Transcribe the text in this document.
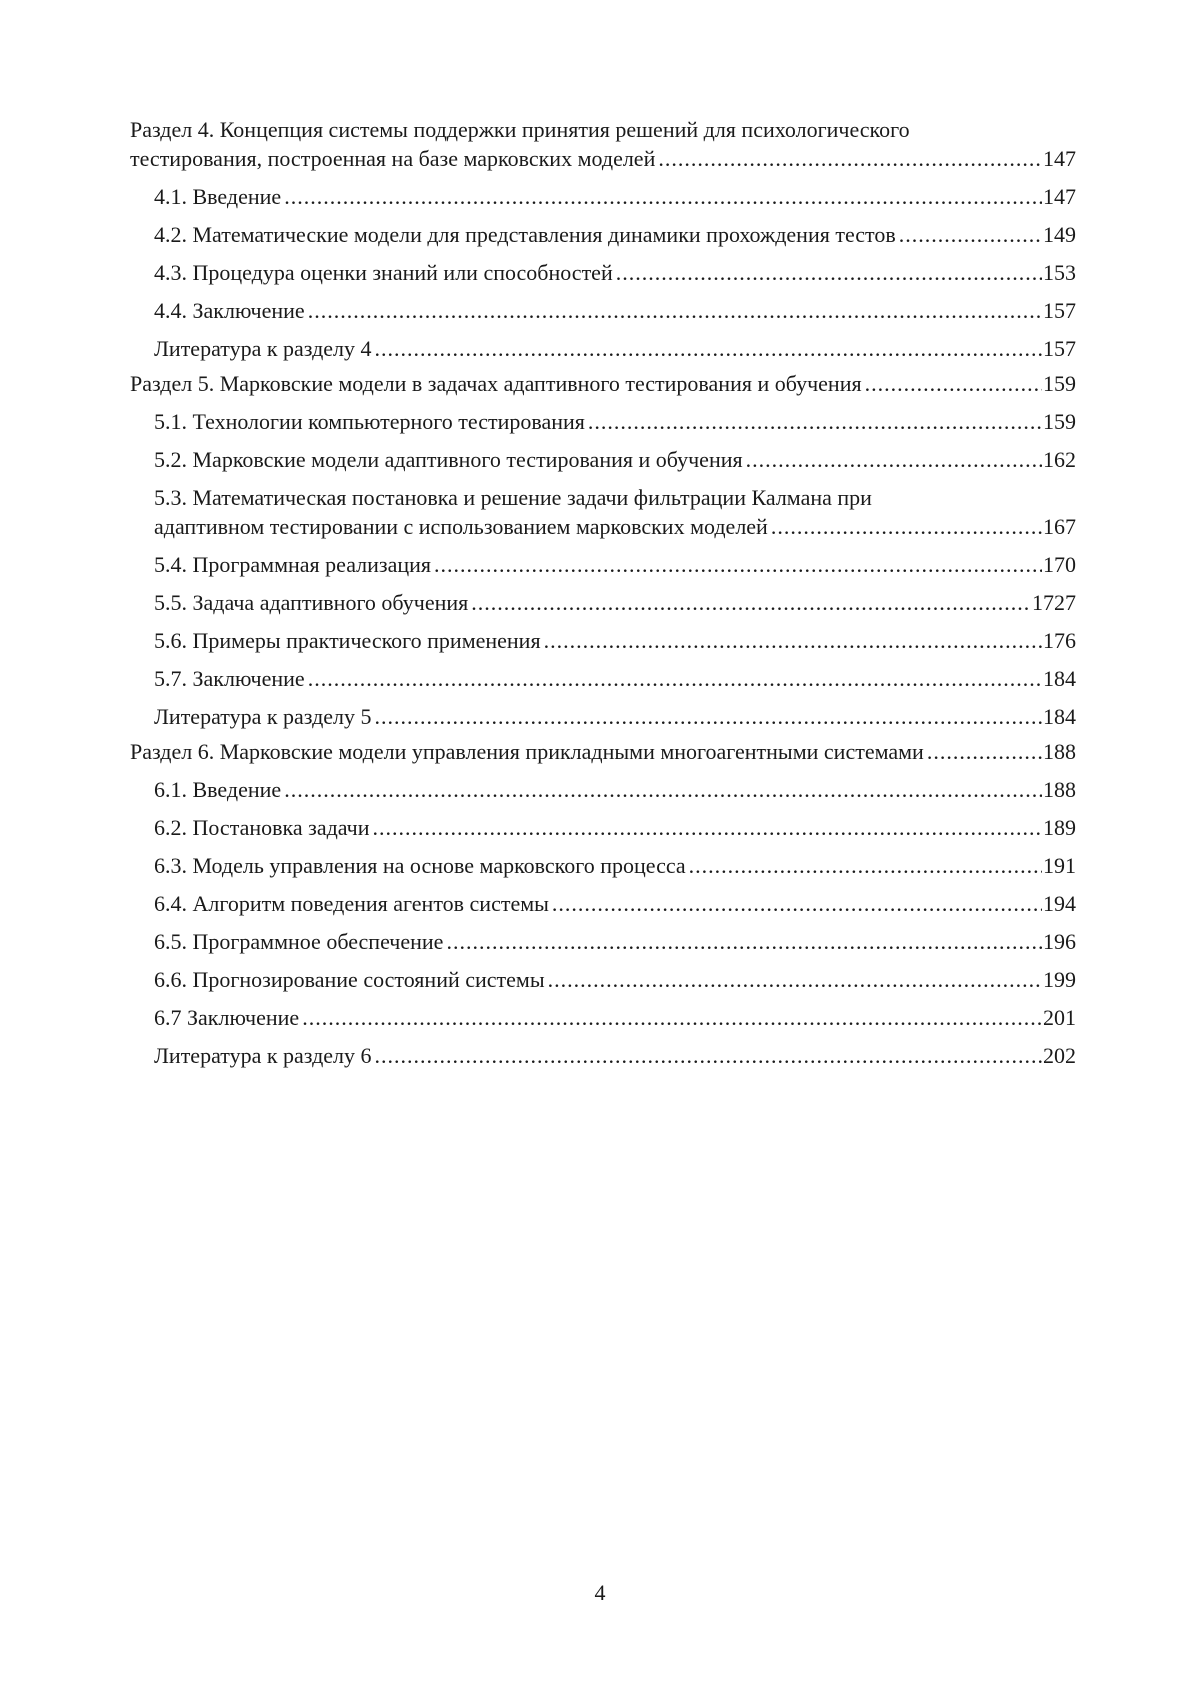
Раздел 4. Концепция системы поддержки принятия решений для психологического
тестирования, построенная на базе марковских моделей .....	147
4.1. Введение .....	147
4.2. Математические модели для представления динамики прохождения тестов .....	149
4.3. Процедура оценки знаний или способностей .....	153
4.4. Заключение .....	157
Литература к разделу 4 .....	157
Раздел 5. Марковские модели в задачах адаптивного тестирования и обучения .....	159
5.1. Технологии компьютерного тестирования .....	159
5.2. Марковские модели адаптивного тестирования и обучения .....	162
5.3. Математическая постановка и решение задачи фильтрации Калмана при
адаптивном тестировании с использованием марковских моделей .....	167
5.4. Программная реализация .....	170
5.5. Задача адаптивного обучения .....	1727
5.6. Примеры практического применения .....	176
5.7. Заключение .....	184
Литература к разделу 5 .....	184
Раздел 6. Марковские модели управления прикладными многоагентными системами .....	188
6.1. Введение .....	188
6.2. Постановка задачи .....	189
6.3. Модель управления на основе марковского процесса .....	191
6.4. Алгоритм поведения агентов системы .....	194
6.5. Программное обеспечение .....	196
6.6. Прогнозирование состояний системы .....	199
6.7 Заключение .....	201
Литература к разделу 6 .....	202
4
